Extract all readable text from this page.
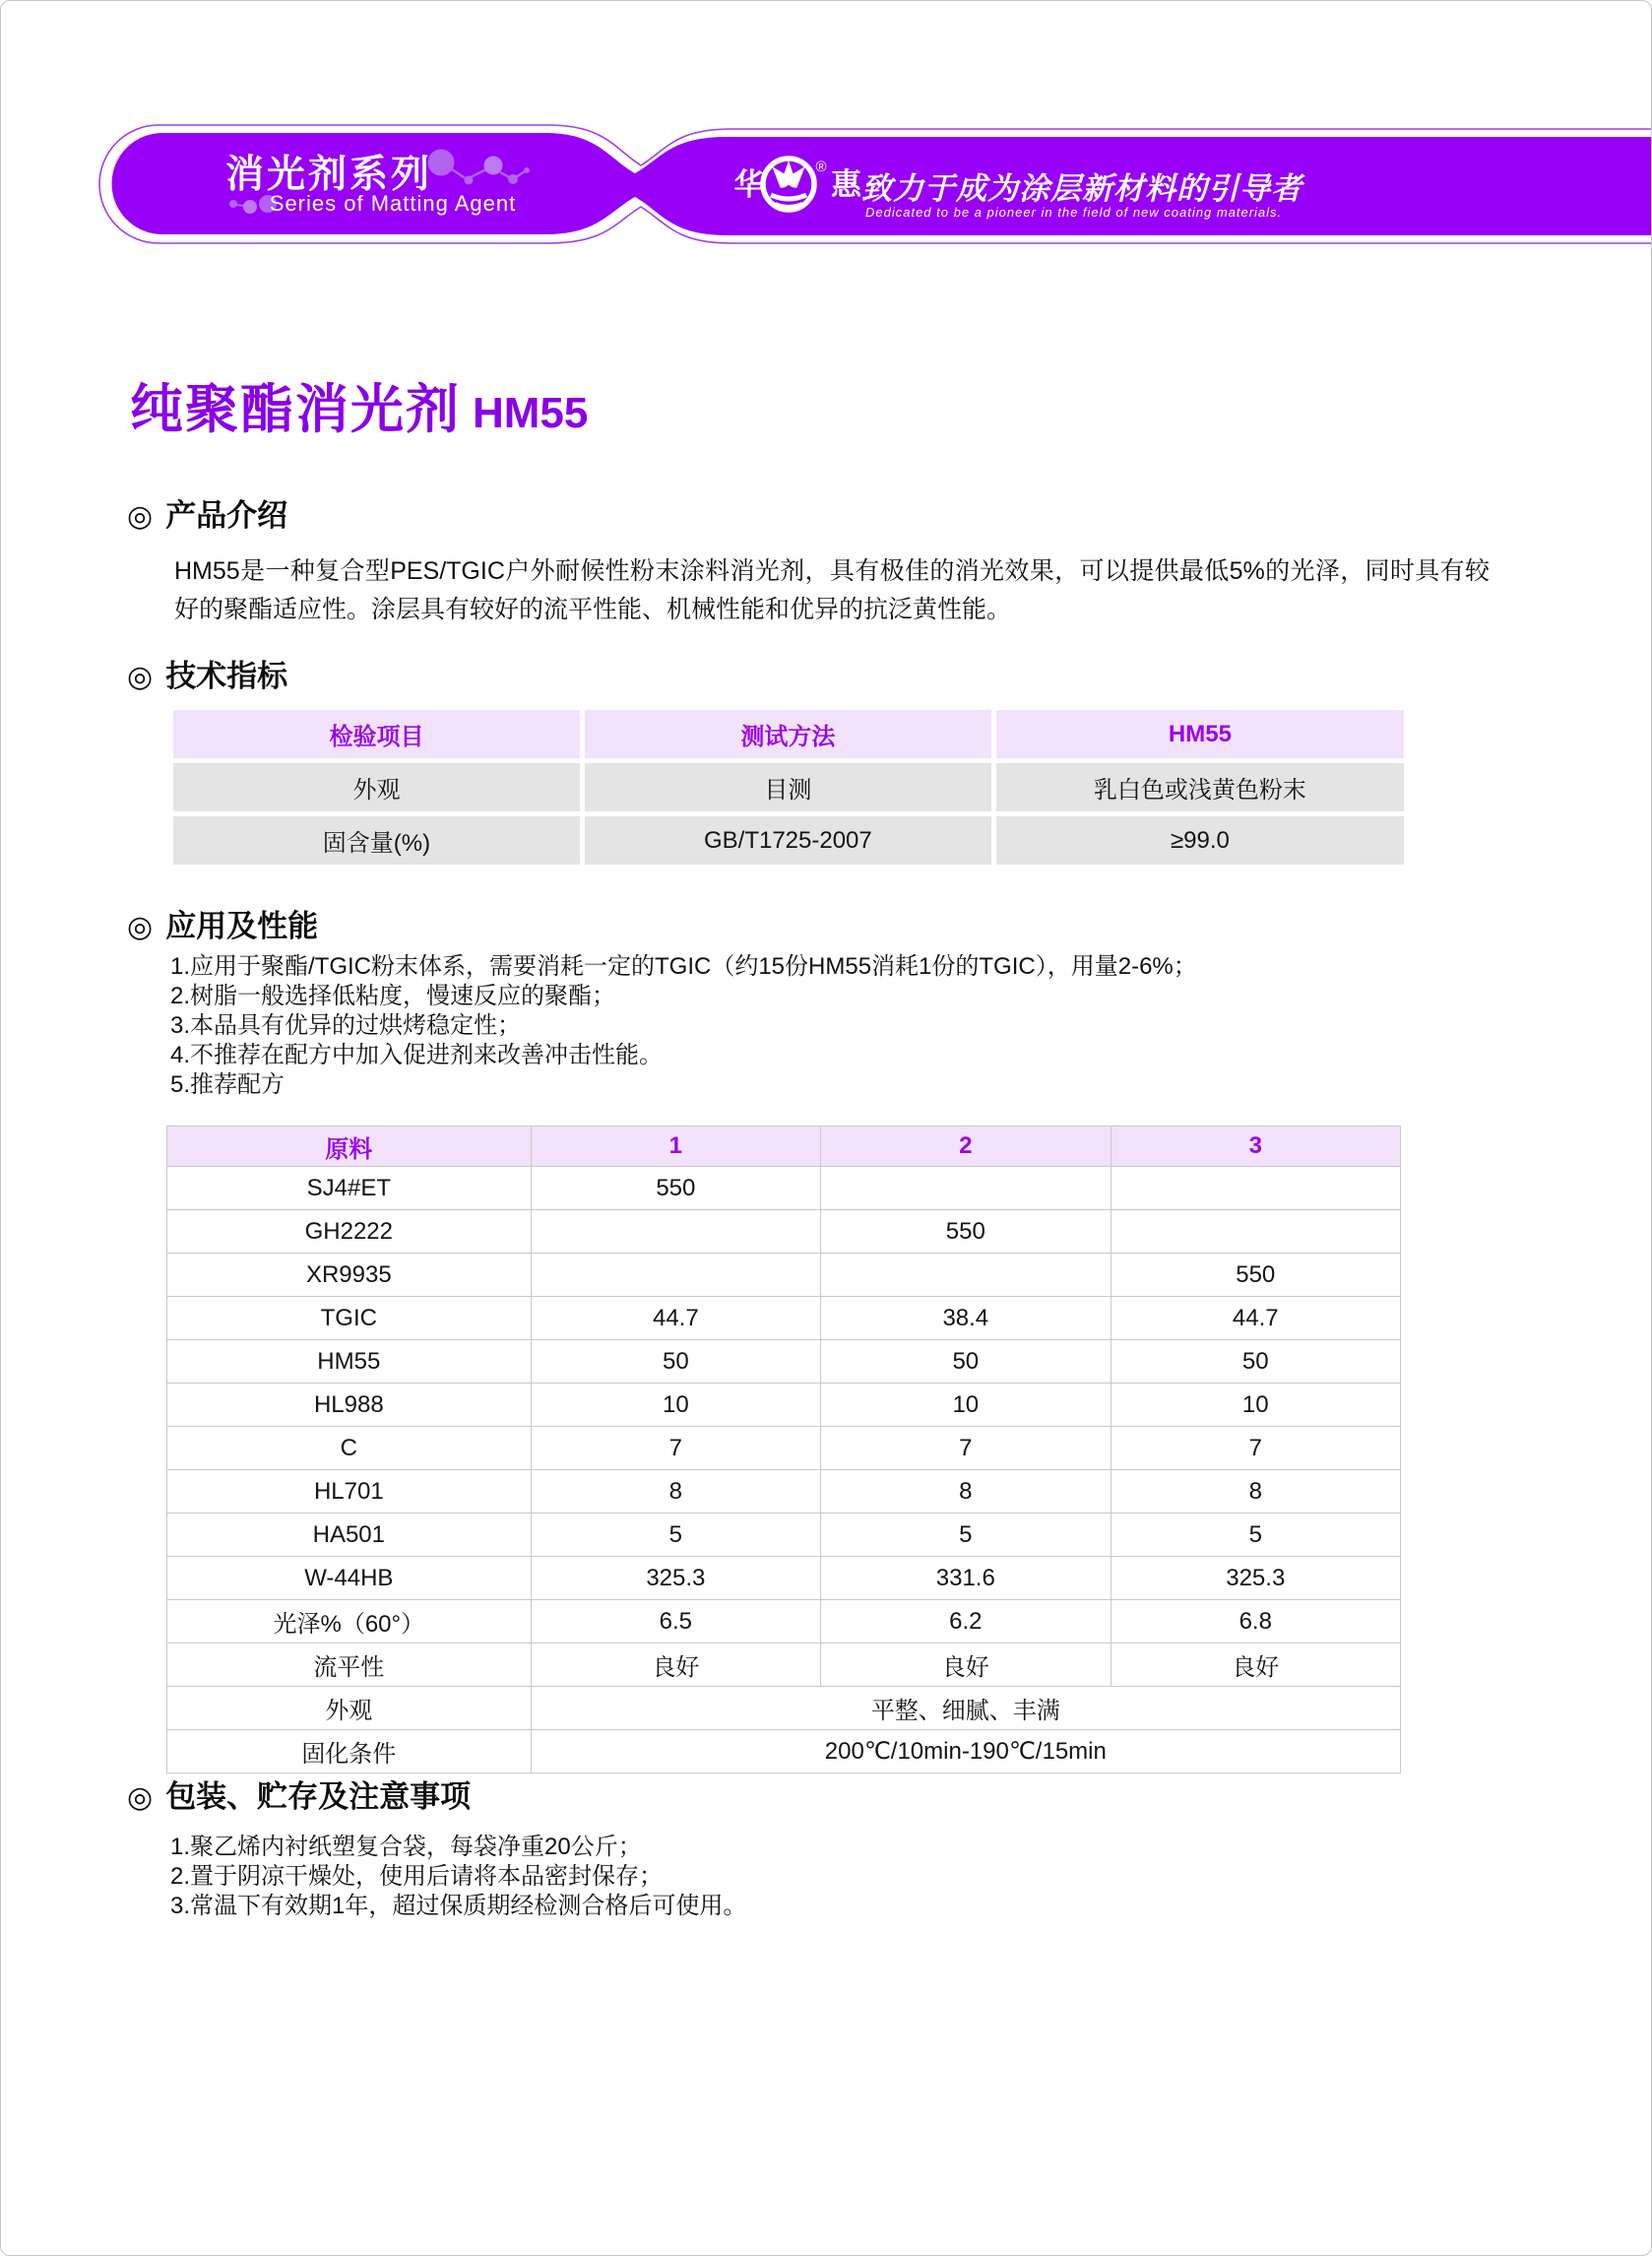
消光剂系列
Series of Matting Agent
华
®
惠 致力于成为涂层新材料的引导者
Dedicated to be a pioneer in the field of new coating materials.
纯聚酯消光剂 HM55
◎ 产品介绍
HM55是一种复合型PES/TGIC户外耐候性粉末涂料消光剂，具有极佳的消光效果，可以提供最低5%的光泽，同时具有较好的聚酯适应性。涂层具有较好的流平性能、机械性能和优异的抗泛黄性能。
◎ 技术指标
检验项目	测试方法	HM55
外观	目测	乳白色或浅黄色粉末
固含量(%)	GB/T1725-2007	≥99.0
◎ 应用及性能
1.应用于聚酯/TGIC粉末体系，需要消耗一定的TGIC（约15份HM55消耗1份的TGIC），用量2-6%；
2.树脂一般选择低粘度，慢速反应的聚酯；
3.本品具有优异的过烘烤稳定性；
4.不推荐在配方中加入促进剂来改善冲击性能。
5.推荐配方
原料	1	2	3
SJ4#ET	550		
GH2222		550	
XR9935			550
TGIC	44.7	38.4	44.7
HM55	50	50	50
HL988	10	10	10
C	7	7	7
HL701	8	8	8
HA501	5	5	5
W-44HB	325.3	331.6	325.3
光泽%（60°）	6.5	6.2	6.8
流平性	良好	良好	良好
外观	平整、细腻、丰满		
固化条件	200℃/10min-190℃/15min		
◎ 包装、贮存及注意事项
1.聚乙烯内衬纸塑复合袋，每袋净重20公斤；
2.置于阴凉干燥处，使用后请将本品密封保存；
3.常温下有效期1年，超过保质期经检测合格后可使用。
